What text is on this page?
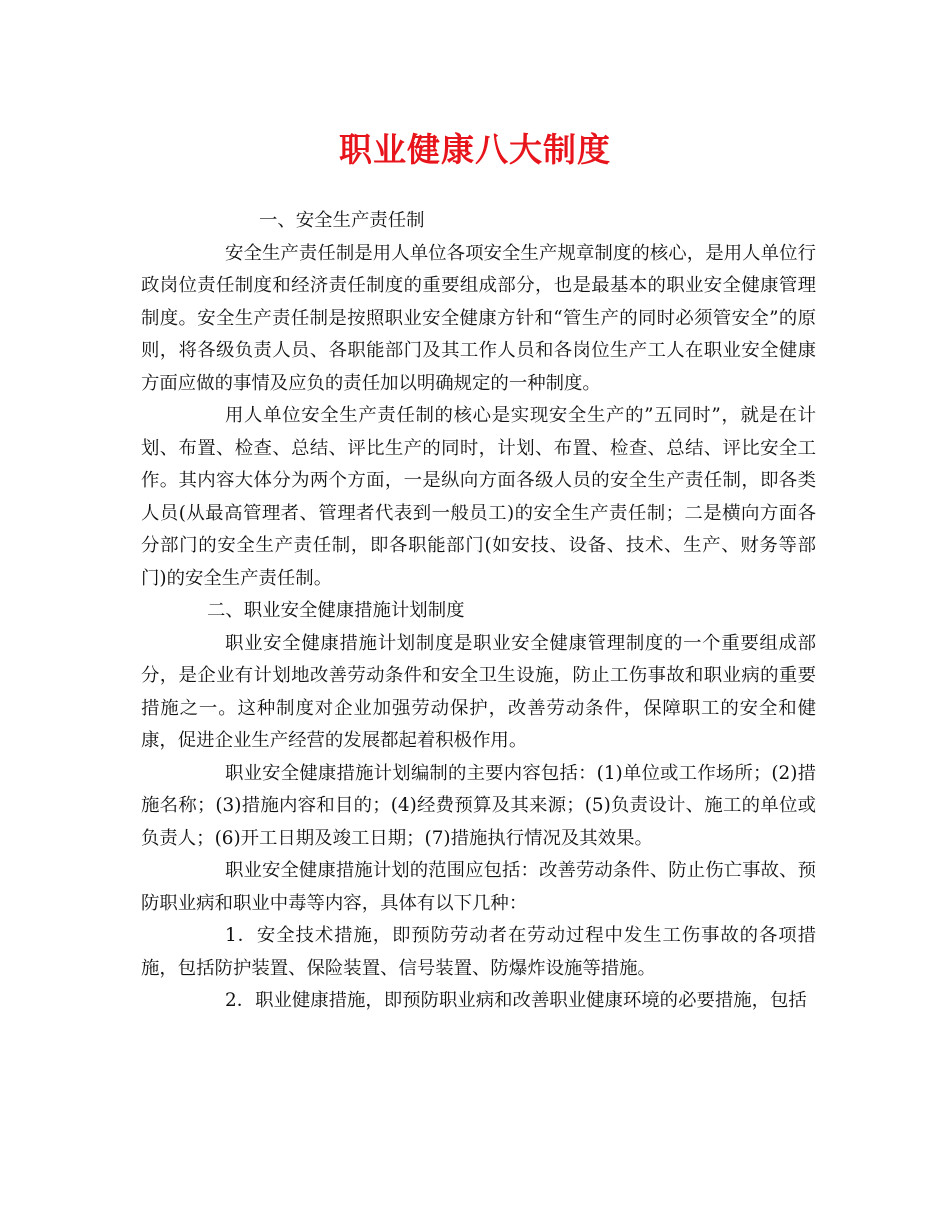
职业健康八大制度

一、安全生产责任制

安全生产责任制是用人单位各项安全生产规章制度的核心，是用人单位行政岗位责任制度和经济责任制度的重要组成部分，也是最基本的职业安全健康管理制度。安全生产责任制是按照职业安全健康方针和“管生产的同时必须管安全”的原则，将各级负责人员、各职能部门及其工作人员和各岗位生产工人在职业安全健康方面应做的事情及应负的责任加以明确规定的一种制度。

用人单位安全生产责任制的核心是实现安全生产的”五同时”，就是在计划、布置、检查、总结、评比生产的同时，计划、布置、检查、总结、评比安全工作。其内容大体分为两个方面，一是纵向方面各级人员的安全生产责任制，即各类人员(从最高管理者、管理者代表到一般员工)的安全生产责任制；二是横向方面各分部门的安全生产责任制，即各职能部门(如安技、设备、技术、生产、财务等部门)的安全生产责任制。

二、职业安全健康措施计划制度

职业安全健康措施计划制度是职业安全健康管理制度的一个重要组成部分，是企业有计划地改善劳动条件和安全卫生设施，防止工伤事故和职业病的重要措施之一。这种制度对企业加强劳动保护，改善劳动条件，保障职工的安全和健康，促进企业生产经营的发展都起着积极作用。

职业安全健康措施计划编制的主要内容包括：(1)单位或工作场所；(2)措施名称；(3)措施内容和目的；(4)经费预算及其来源；(5)负责设计、施工的单位或负责人；(6)开工日期及竣工日期；(7)措施执行情况及其效果。

职业安全健康措施计划的范围应包括：改善劳动条件、防止伤亡事故、预防职业病和职业中毒等内容，具体有以下几种：

1．安全技术措施，即预防劳动者在劳动过程中发生工伤事故的各项措施，包括防护装置、保险装置、信号装置、防爆炸设施等措施。

2．职业健康措施，即预防职业病和改善职业健康环境的必要措施，包括
